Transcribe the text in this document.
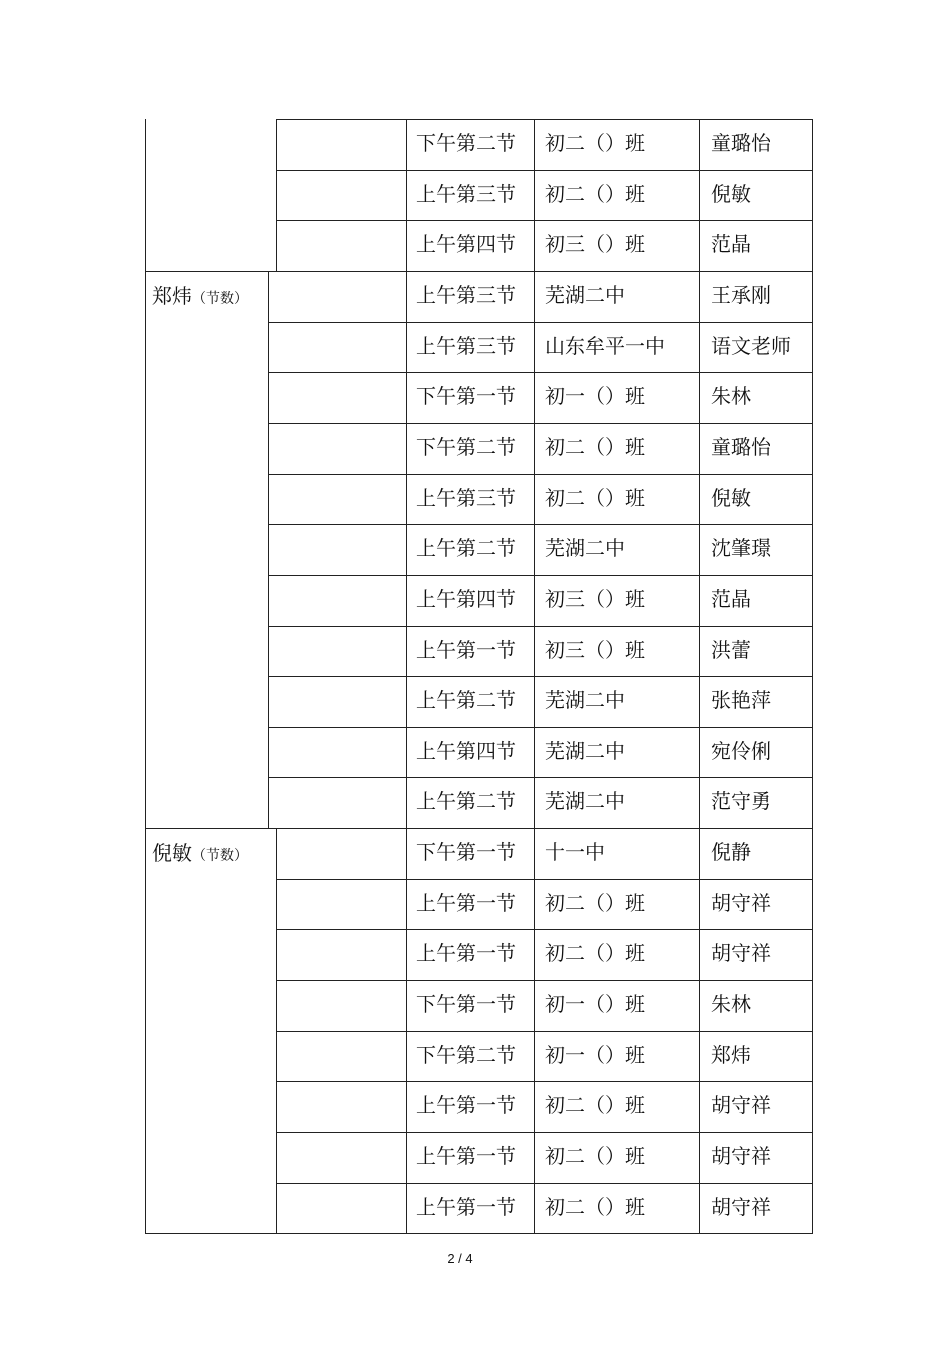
下午第二节 初二（）班	童璐怡
上午第三节 初二（）班	倪敏
上午第四节 初三（）班	范晶
郑炜（节数）	上午第三节 芜湖二中	王承刚
上午第三节 山东牟平一中 语文老师
下午第一节 初一（）班	朱林
下午第二节 初二（）班	童璐怡
上午第三节 初二（）班	倪敏
上午第二节 芜湖二中	沈肇璟
上午第四节 初三（）班	范晶
上午第一节 初三（）班	洪蕾
上午第二节 芜湖二中	张艳萍
上午第四节 芜湖二中	宛伶俐
上午第二节 芜湖二中	范守勇
倪敏（节数）	下午第一节 十一中	倪静
上午第一节 初二（）班	胡守祥
上午第一节 初二（）班	胡守祥
下午第一节 初一（）班	朱林
下午第二节 初一（）班	郑炜
上午第一节 初二（）班	胡守祥
上午第一节 初二（）班	胡守祥
上午第一节 初二（）班	胡守祥
2 / 4
